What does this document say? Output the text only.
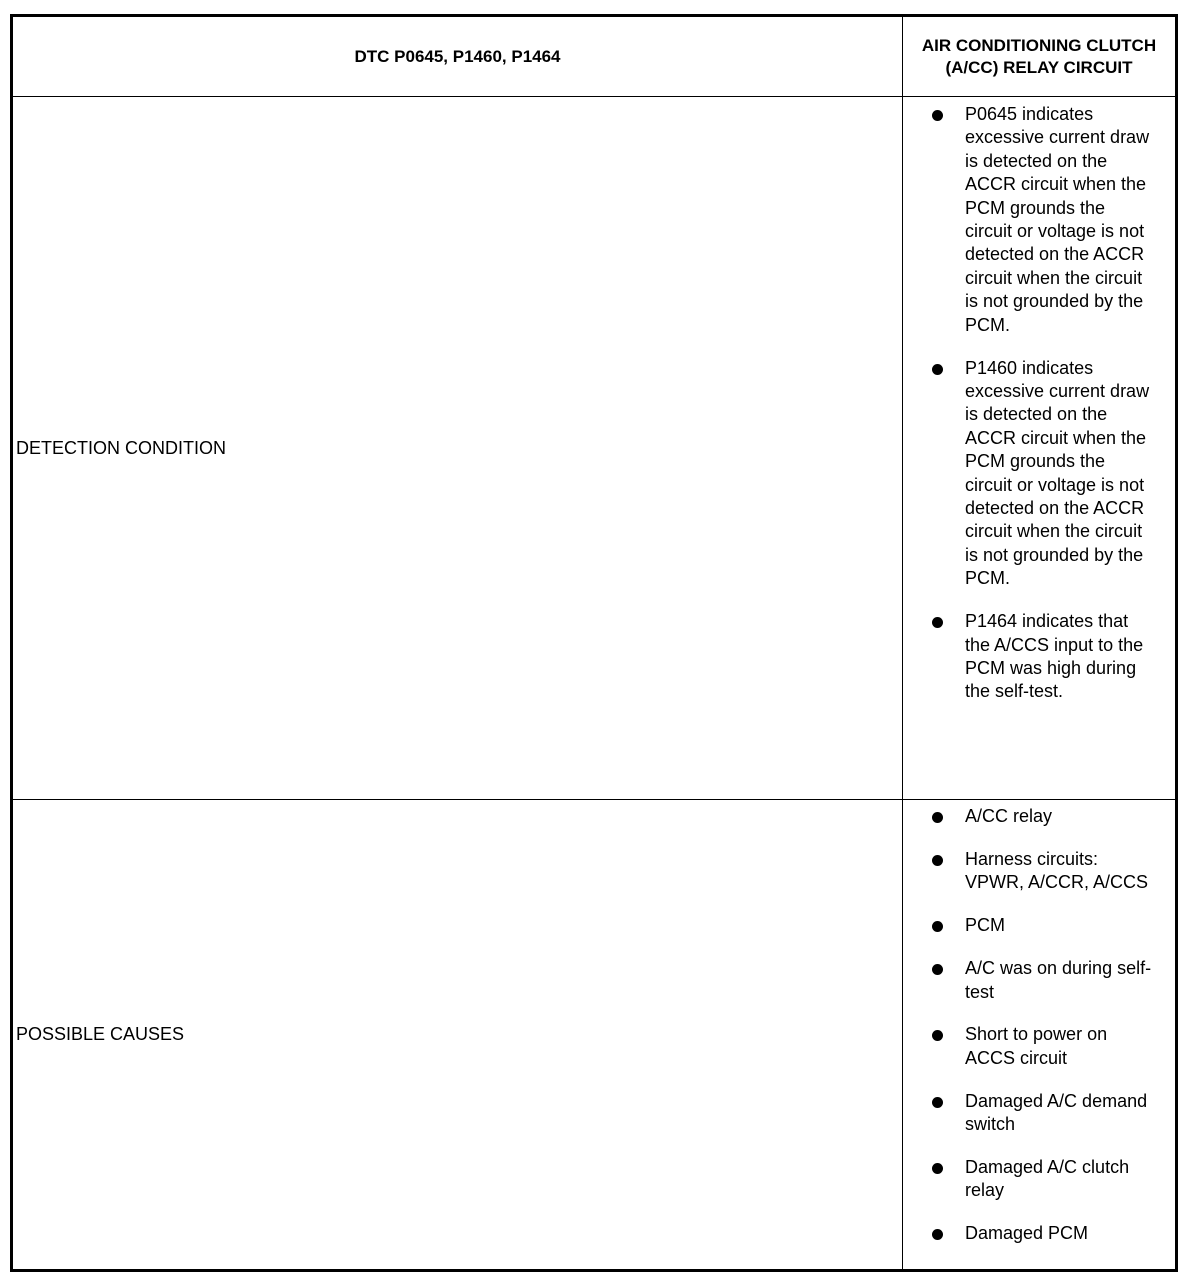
DTC P0645, P1460, P1464
AIR CONDITIONING CLUTCH (A/CC) RELAY CIRCUIT
DETECTION CONDITION
P0645 indicates excessive current draw is detected on the ACCR circuit when the PCM grounds the circuit or voltage is not detected on the ACCR circuit when the circuit is not grounded by the PCM.
P1460 indicates excessive current draw is detected on the ACCR circuit when the PCM grounds the circuit or voltage is not detected on the ACCR circuit when the circuit is not grounded by the PCM.
P1464 indicates that the A/CCS input to the PCM was high during the self-test.
POSSIBLE CAUSES
A/CC relay
Harness circuits: VPWR, A/CCR, A/CCS
PCM
A/C was on during self-test
Short to power on ACCS circuit
Damaged A/C demand switch
Damaged A/C clutch relay
Damaged PCM
